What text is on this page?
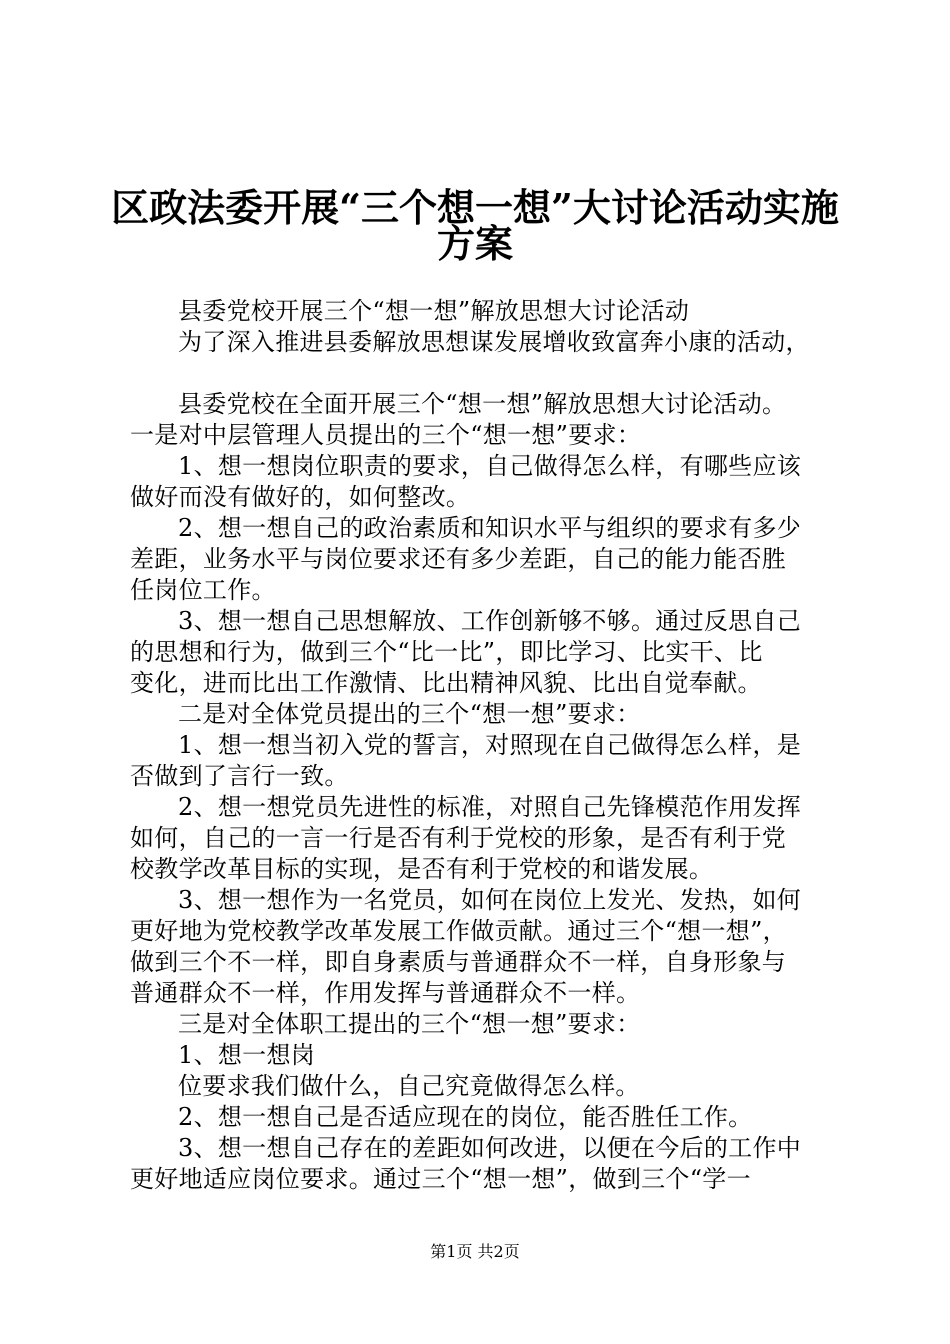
区政法委开展“三个想一想”大讨论活动实施
方案
县委党校开展三个“想一想”解放思想大讨论活动
为了深入推进县委解放思想谋发展增收致富奔小康的活动，
县委党校在全面开展三个“想一想”解放思想大讨论活动。
一是对中层管理人员提出的三个“想一想”要求：
1、想一想岗位职责的要求，自己做得怎么样，有哪些应该
做好而没有做好的，如何整改。
2、想一想自己的政治素质和知识水平与组织的要求有多少
差距，业务水平与岗位要求还有多少差距，自己的能力能否胜
任岗位工作。
3、想一想自己思想解放、工作创新够不够。通过反思自己
的思想和行为，做到三个“比一比”，即比学习、比实干、比
变化，进而比出工作激情、比出精神风貌、比出自觉奉献。
二是对全体党员提出的三个“想一想”要求：
1、想一想当初入党的誓言，对照现在自己做得怎么样，是
否做到了言行一致。
2、想一想党员先进性的标准，对照自己先锋模范作用发挥
如何，自己的一言一行是否有利于党校的形象，是否有利于党
校教学改革目标的实现，是否有利于党校的和谐发展。
3、想一想作为一名党员，如何在岗位上发光、发热，如何
更好地为党校教学改革发展工作做贡献。通过三个“想一想”，
做到三个不一样，即自身素质与普通群众不一样，自身形象与
普通群众不一样，作用发挥与普通群众不一样。
三是对全体职工提出的三个“想一想”要求：
1、想一想岗
位要求我们做什么，自己究竟做得怎么样。
2、想一想自己是否适应现在的岗位，能否胜任工作。
3、想一想自己存在的差距如何改进，以便在今后的工作中
更好地适应岗位要求。通过三个“想一想”，做到三个“学一
第1页 共2页
